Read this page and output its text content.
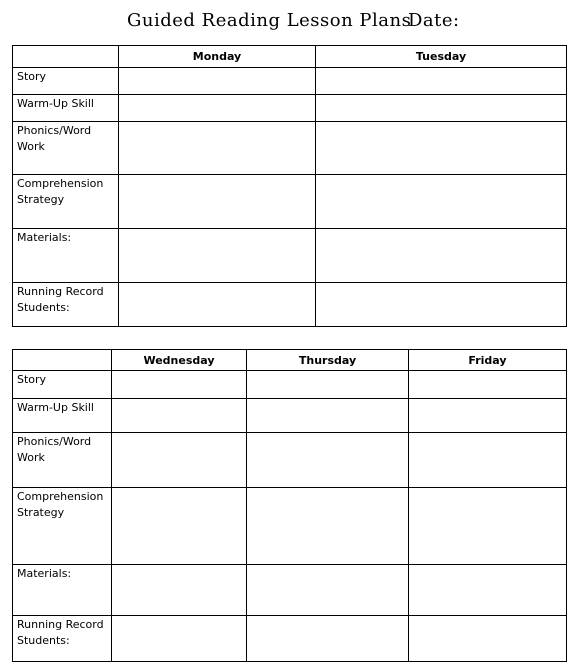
Guided Reading Lesson Plans
Date:
	Monday	Tuesday
Story		
Warm-Up Skill		
Phonics/Word Work		
Comprehension Strategy		
Materials:		
Running Record Students:		
	Wednesday	Thursday	Friday
Story			
Warm-Up Skill			
Phonics/Word Work			
Comprehension Strategy			
Materials:			
Running Record Students:			
